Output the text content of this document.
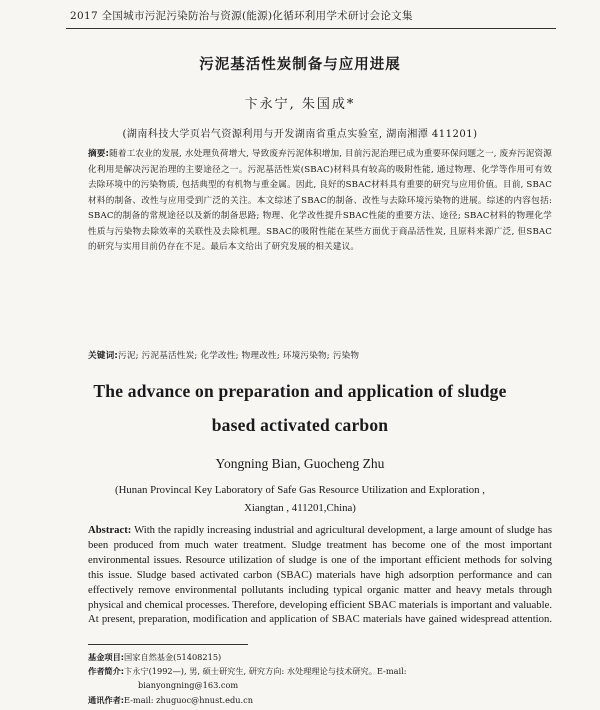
2017 全国城市污泥污染防治与资源(能源)化循环利用学术研讨会论文集
污泥基活性炭制备与应用进展
卞永宁, 朱国成*
(湖南科技大学页岩气资源利用与开发湖南省重点实验室, 湖南湘潭 411201)

摘要:随着工农业的发展, 水处理负荷增大, 导致废弃污泥体积增加, 目前污泥治理已成为重要环保问题之一, 废弃污泥资源化利用是解决污泥治理的主要途径之一。污泥基活性炭(SBAC)材料具有较高的吸附性能, 通过物理、化学等作用可有效去除环境中的污染物质, 包括典型的有机物与重金属。因此, 良好的SBAC材料具有重要的研究与应用价值。目前, SBAC材料的制备、改性与应用受到广泛的关注。本文综述了SBAC的制备、改性与去除环境污染物的进展。综述的内容包括: SBAC的制备的常规途径以及新的制备思路; 物理、化学改性提升SBAC性能的重要方法、途径; SBAC材料的物理化学性质与污染物去除效率的关联性及去除机理。SBAC的吸附性能在某些方面优于商品活性炭, 且原料来源广泛, 但SBAC的研究与实用目前仍存在不足。最后本文给出了研究发展的相关建议。

关键词:污泥; 污泥基活性炭; 化学改性; 物理改性; 环境污染物; 污染物

The advance on preparation and application of sludge
based activated carbon
Yongning Bian, Guocheng Zhu
(Hunan Provincal Key Laboratory of Safe Gas Resource Utilization and Exploration ,
Xiangtan , 411201,China)

Abstract: With the rapidly increasing industrial and agricultural development, a large amount of sludge has been produced from much water treatment. Sludge treatment has become one of the most important environmental issues. Resource utilization of sludge is one of the important efficient methods for solving this issue. Sludge based activated carbon (SBAC) materials have high adsorption performance and can effectively remove environmental pollutants including typical organic matter and heavy metals through physical and chemical processes. Therefore, developing efficient SBAC materials is important and valuable. At present, preparation, modification and application of SBAC materials have gained widespread attention.

基金项目:国家自然基金(51408215)
作者简介:卞永宁(1992—), 男, 硕士研究生, 研究方向: 水处理理论与技术研究。E-mail:
bianyongning@163.com
通讯作者:E-mail: zhuguoc@hnust.edu.cn
